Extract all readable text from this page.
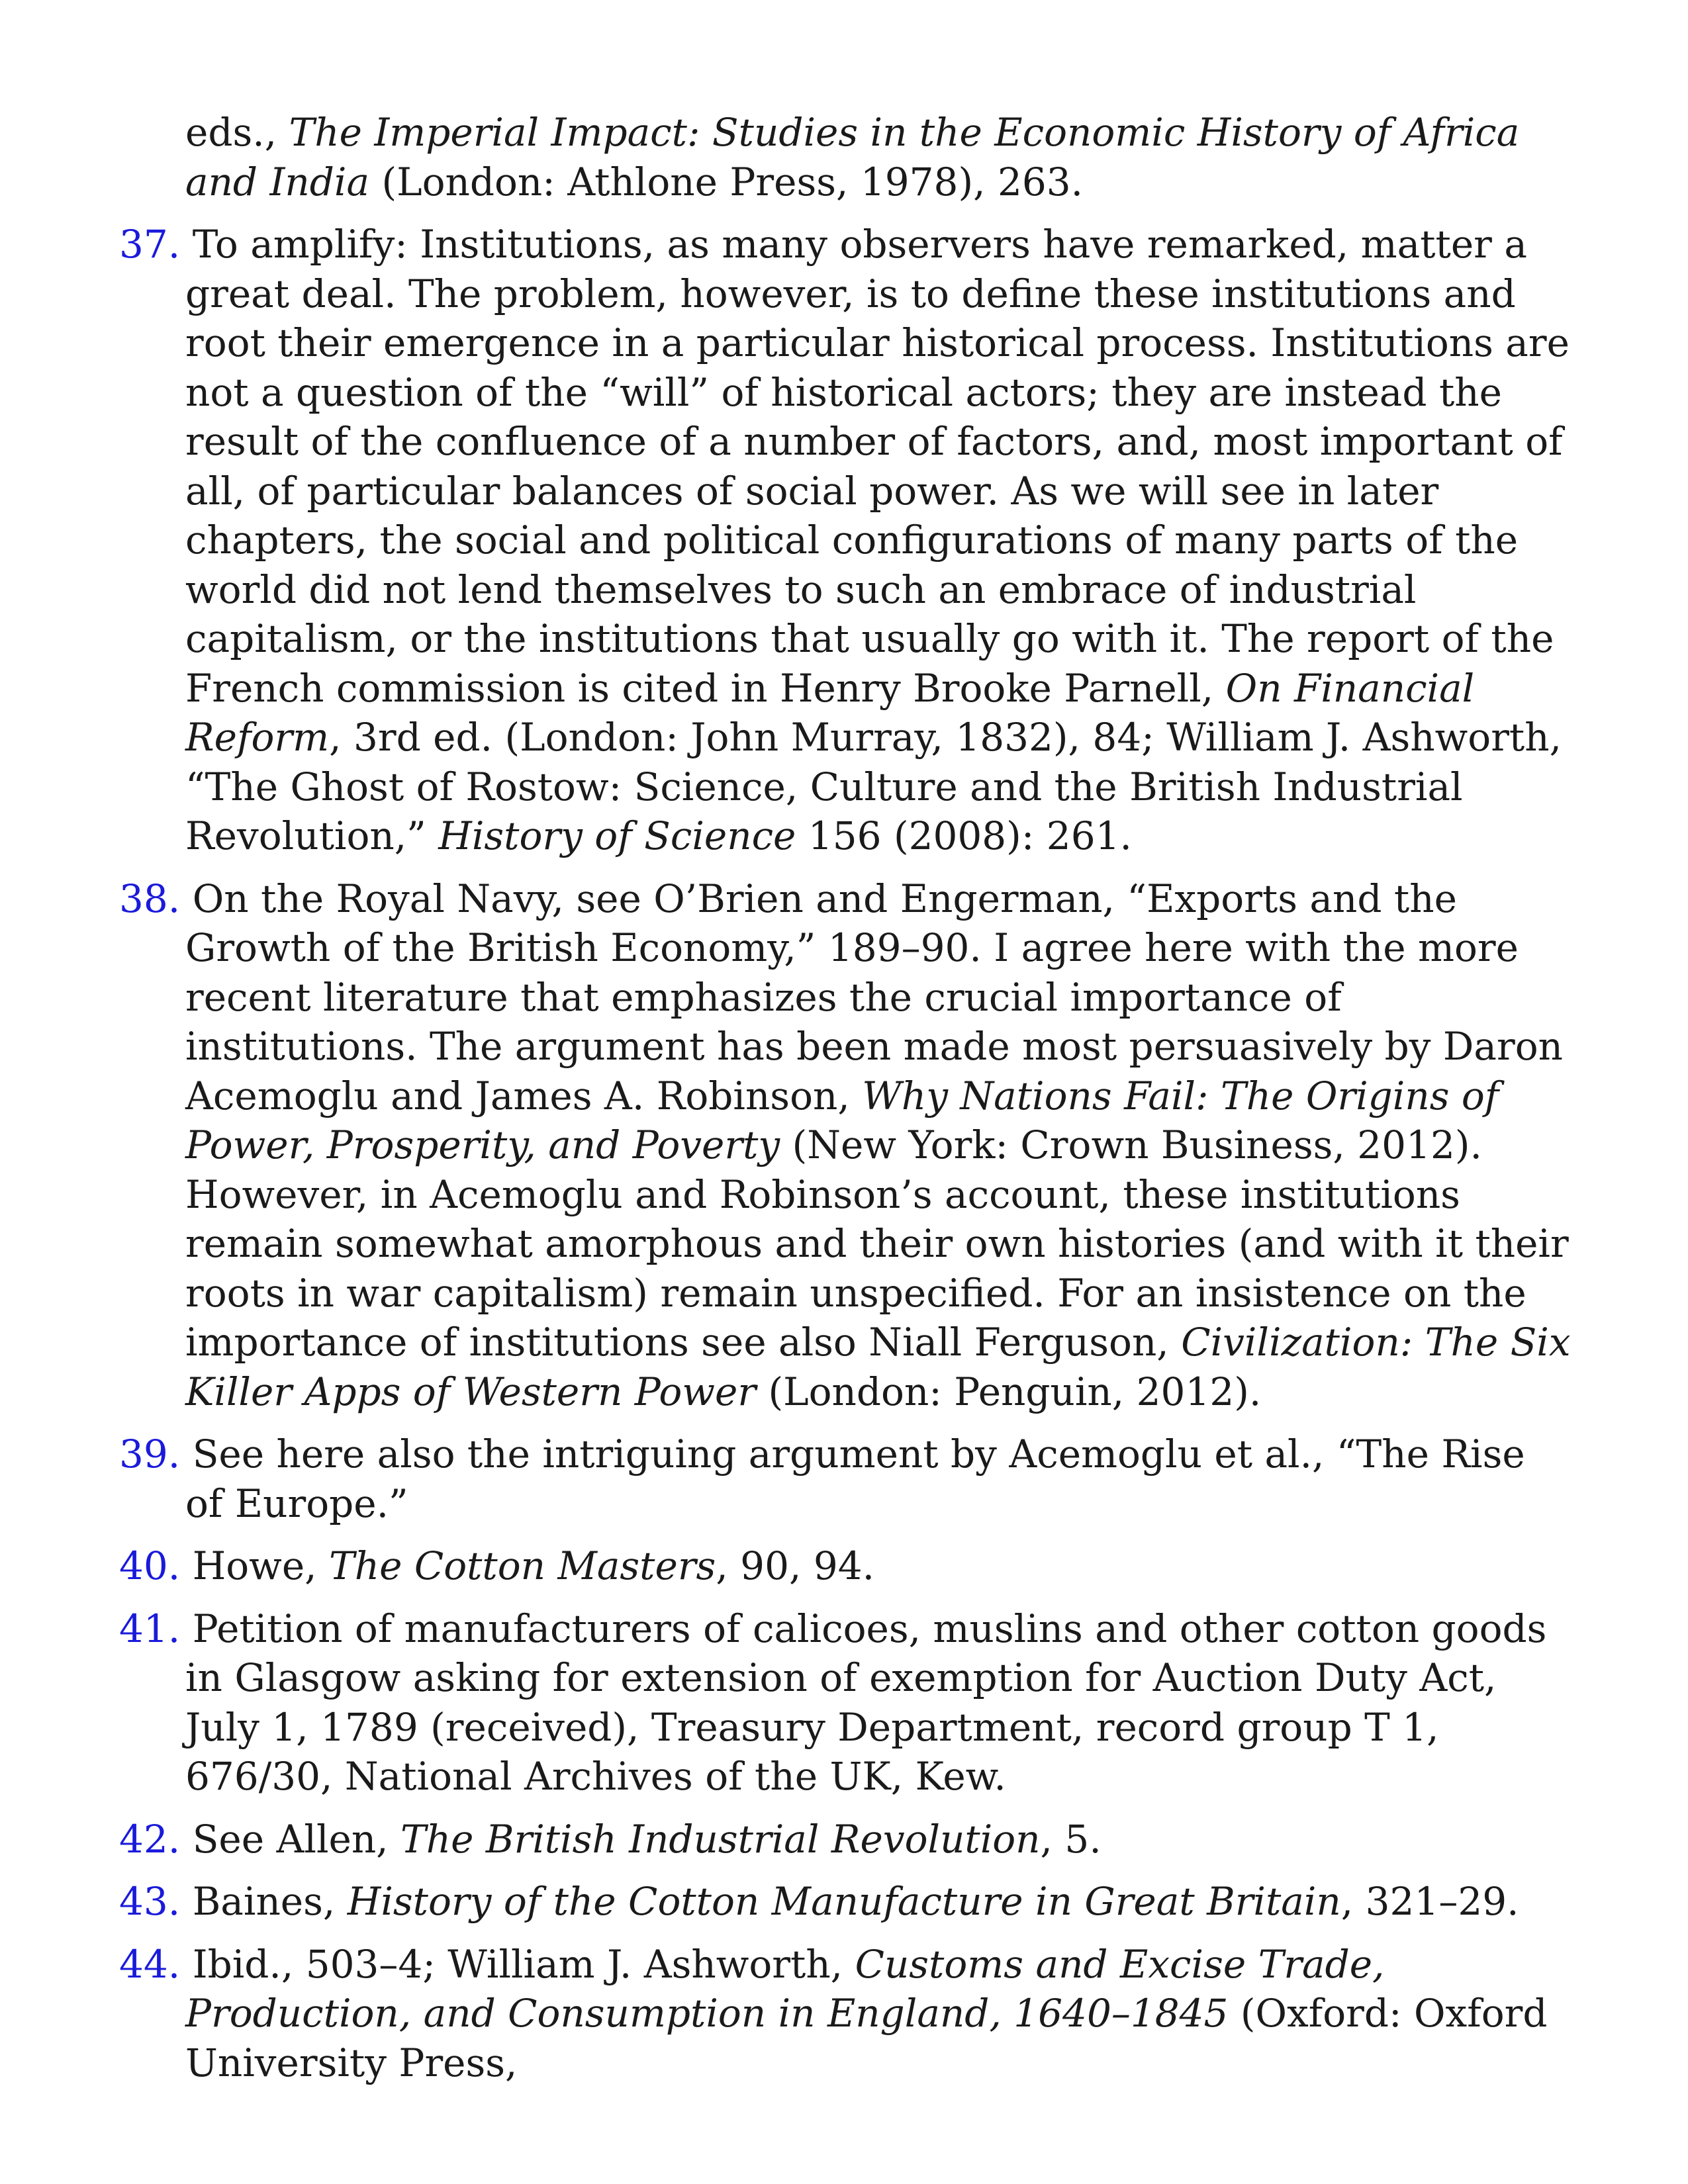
eds., The Imperial Impact: Studies in the Economic History of Africa and India (London: Athlone Press, 1978), 263.

37. To amplify: Institutions, as many observers have remarked, matter a great deal. The problem, however, is to define these institutions and root their emergence in a particular historical process. Institutions are not a question of the “will” of historical actors; they are instead the result of the confluence of a number of factors, and, most important of all, of particular balances of social power. As we will see in later chapters, the social and political configurations of many parts of the world did not lend themselves to such an embrace of industrial capitalism, or the institutions that usually go with it. The report of the French commission is cited in Henry Brooke Parnell, On Financial Reform, 3rd ed. (London: John Murray, 1832), 84; William J. Ashworth, “The Ghost of Rostow: Science, Culture and the British Industrial Revolution,” History of Science 156 (2008): 261.

38. On the Royal Navy, see O’Brien and Engerman, “Exports and the Growth of the British Economy,” 189–90. I agree here with the more recent literature that emphasizes the crucial importance of institutions. The argument has been made most persuasively by Daron Acemoglu and James A. Robinson, Why Nations Fail: The Origins of Power, Prosperity, and Poverty (New York: Crown Business, 2012). However, in Acemoglu and Robinson’s account, these institutions remain somewhat amorphous and their own histories (and with it their roots in war capitalism) remain unspecified. For an insistence on the importance of institutions see also Niall Ferguson, Civilization: The Six Killer Apps of Western Power (London: Penguin, 2012).

39. See here also the intriguing argument by Acemoglu et al., “The Rise of Europe.”

40. Howe, The Cotton Masters, 90, 94.

41. Petition of manufacturers of calicoes, muslins and other cotton goods in Glasgow asking for extension of exemption for Auction Duty Act, July 1, 1789 (received), Treasury Department, record group T 1, 676/30, National Archives of the UK, Kew.

42. See Allen, The British Industrial Revolution, 5.

43. Baines, History of the Cotton Manufacture in Great Britain, 321–29.

44. Ibid., 503–4; William J. Ashworth, Customs and Excise Trade, Production, and Consumption in England, 1640–1845 (Oxford: Oxford University Press,
